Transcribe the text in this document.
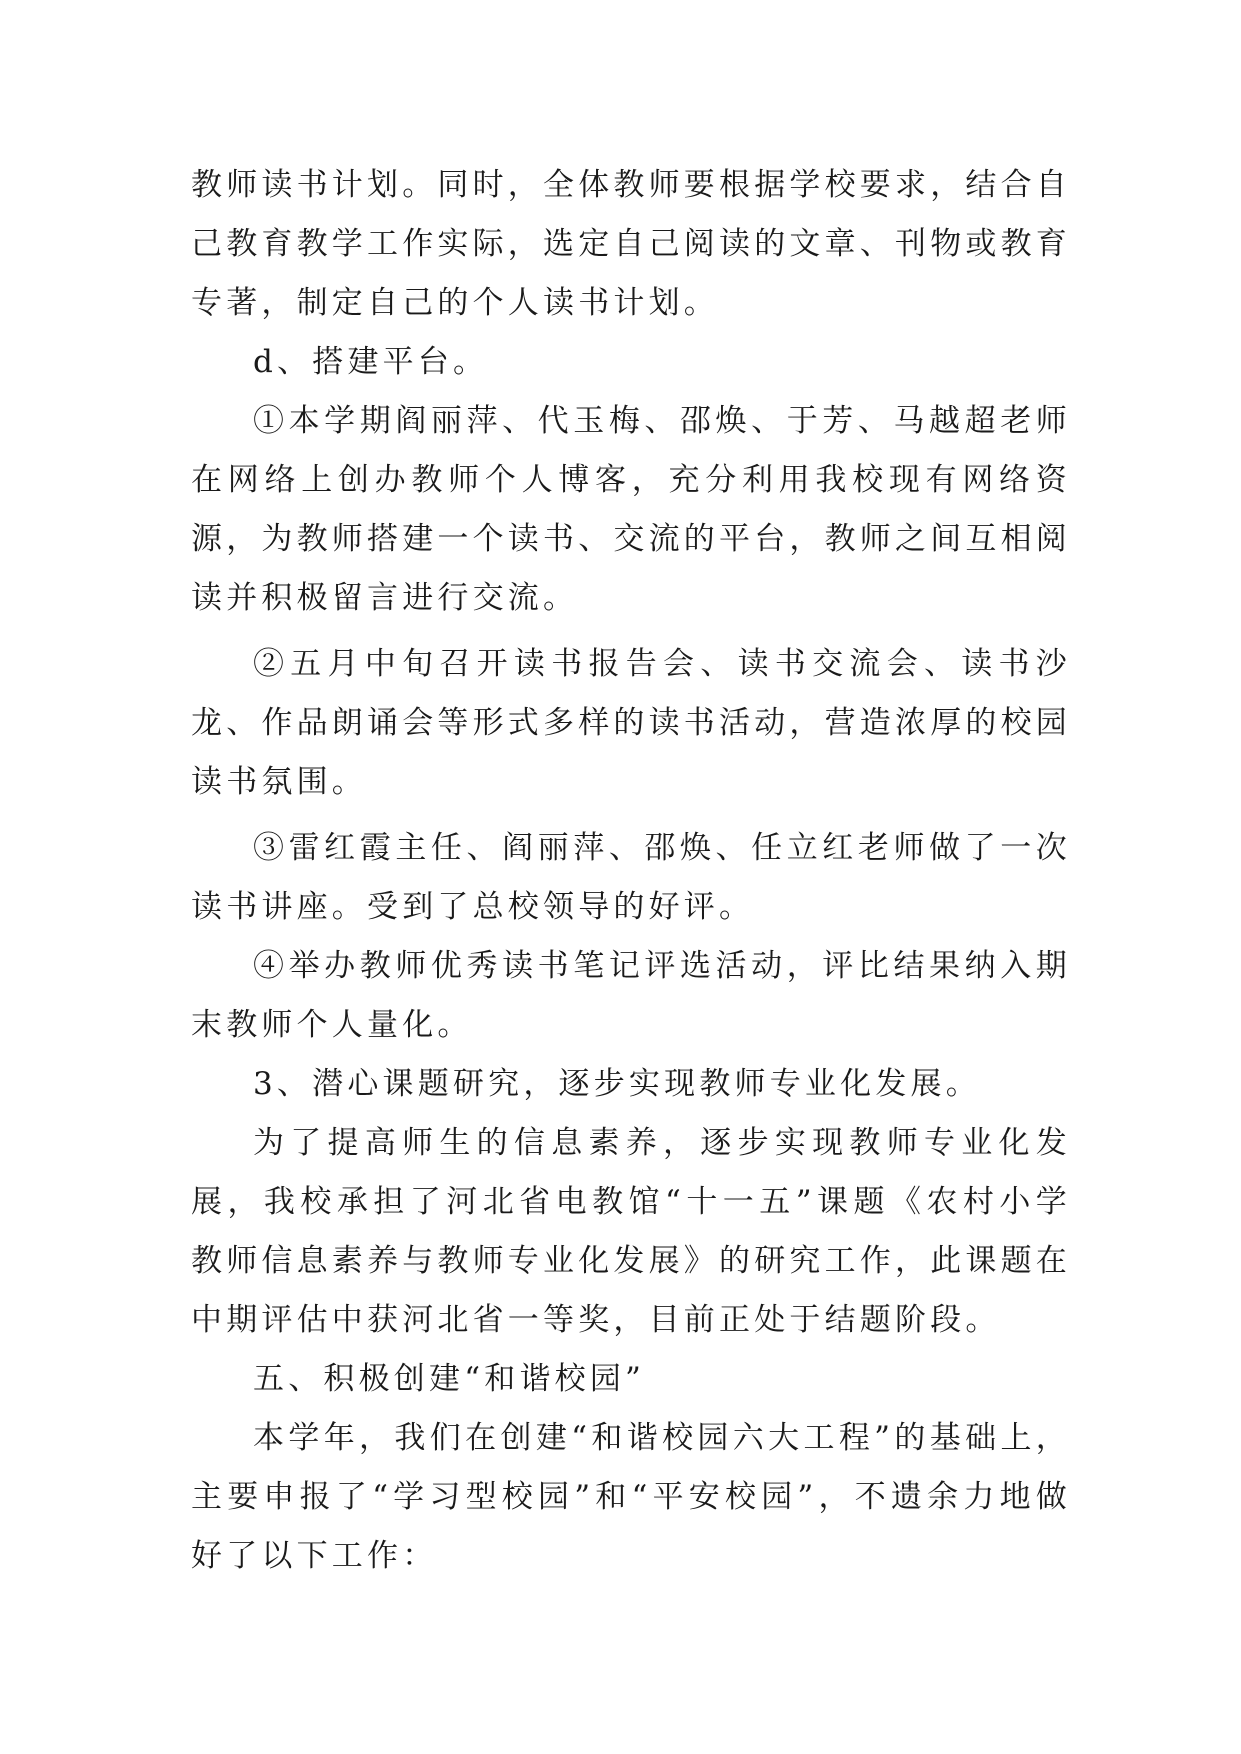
教师读书计划。同时，全体教师要根据学校要求，结合自己教育教学工作实际，选定自己阅读的文章、刊物或教育专著，制定自己的个人读书计划。

d、搭建平台。

①本学期阎丽萍、代玉梅、邵焕、于芳、马越超老师在网络上创办教师个人博客，充分利用我校现有网络资源，为教师搭建一个读书、交流的平台，教师之间互相阅读并积极留言进行交流。

②五月中旬召开读书报告会、读书交流会、读书沙龙、作品朗诵会等形式多样的读书活动，营造浓厚的校园读书氛围。

③雷红霞主任、阎丽萍、邵焕、任立红老师做了一次读书讲座。受到了总校领导的好评。

④举办教师优秀读书笔记评选活动，评比结果纳入期末教师个人量化。

3、潜心课题研究，逐步实现教师专业化发展。

为了提高师生的信息素养，逐步实现教师专业化发展，我校承担了河北省电教馆“十一五”课题《农村小学教师信息素养与教师专业化发展》的研究工作，此课题在中期评估中获河北省一等奖，目前正处于结题阶段。

五、积极创建“和谐校园”

本学年，我们在创建“和谐校园六大工程”的基础上，主要申报了“学习型校园”和“平安校园”，不遗余力地做好了以下工作：
